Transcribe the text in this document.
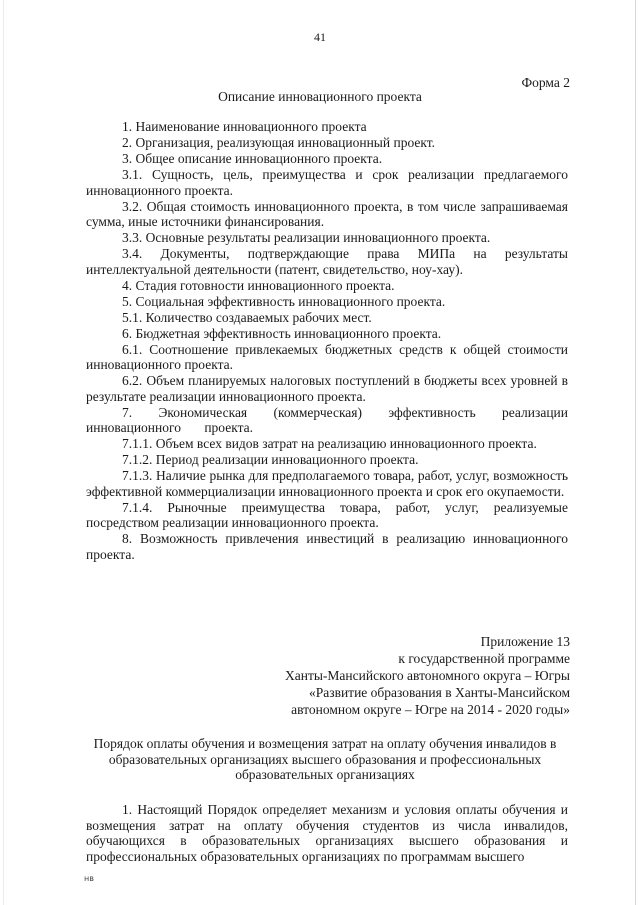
41
Форма 2
Описание инновационного проекта

1. Наименование инновационного проекта

2. Организация, реализующая инновационный проект.

3. Общее описание инновационного проекта.

3.1. Сущность, цель, преимущества и срок реализации предлагаемого инновационного проекта.

3.2. Общая стоимость инновационного проекта, в том числе запрашиваемая сумма, иные источники финансирования.

3.3. Основные результаты реализации инновационного проекта.

3.4. Документы, подтверждающие права МИПа на результаты интеллектуальной деятельности (патент, свидетельство, ноу-хау).

4. Стадия готовности инновационного проекта.

5. Социальная эффективность инновационного проекта.

5.1. Количество создаваемых рабочих мест.

6. Бюджетная эффективность инновационного проекта.

6.1. Соотношение привлекаемых бюджетных средств к общей стоимости инновационного проекта.

6.2. Объем планируемых налоговых поступлений в бюджеты всех уровней в результате реализации инновационного проекта.

7. Экономическая (коммерческая) эффективность реализации инновационного проекта.

7.1.1. Объем всех видов затрат на реализацию инновационного проекта.

7.1.2. Период реализации инновационного проекта.

7.1.3. Наличие рынка для предполагаемого товара, работ, услуг, возможность эффективной коммерциализации инновационного проекта и срок его окупаемости.

7.1.4. Рыночные преимущества товара, работ, услуг, реализуемые посредством реализации инновационного проекта.

8. Возможность привлечения инвестиций в реализацию инновационного проекта.

Приложение 13
к государственной программе
Ханты-Мансийского автономного округа – Югры
«Развитие образования в Ханты-Мансийском
автономном округе – Югре на 2014 - 2020 годы»
Порядок оплаты обучения и возмещения затрат на оплату обучения инвалидов в образовательных организациях высшего образования и профессиональных образовательных организациях

1. Настоящий Порядок определяет механизм и условия оплаты обучения и возмещения затрат на оплату обучения студентов из числа инвалидов, обучающихся в образовательных организациях высшего образования и профессиональных образовательных организациях по программам высшего

нв
